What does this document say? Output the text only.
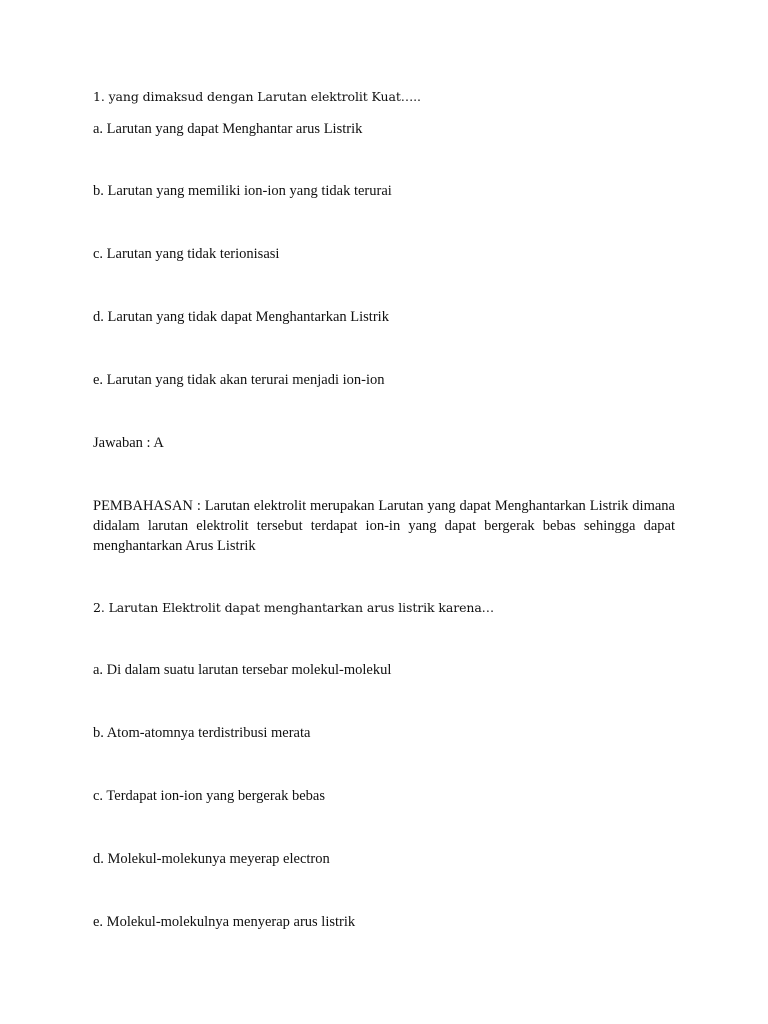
1. yang dimaksud dengan Larutan elektrolit Kuat…..
a. Larutan yang dapat Menghantar arus Listrik
b. Larutan yang memiliki ion-ion yang tidak terurai
c. Larutan yang tidak terionisasi
d. Larutan yang tidak dapat Menghantarkan Listrik
e. Larutan yang tidak akan terurai menjadi ion-ion
Jawaban : A
PEMBAHASAN : Larutan elektrolit merupakan Larutan yang dapat Menghantarkan Listrik dimana didalam larutan elektrolit tersebut terdapat ion-in yang dapat bergerak bebas sehingga dapat menghantarkan Arus Listrik
2. Larutan Elektrolit dapat menghantarkan arus listrik karena…
a. Di dalam suatu larutan tersebar molekul-molekul
b. Atom-atomnya terdistribusi merata
c. Terdapat ion-ion yang bergerak bebas
d. Molekul-molekunya meyerap electron
e. Molekul-molekulnya menyerap arus listrik
